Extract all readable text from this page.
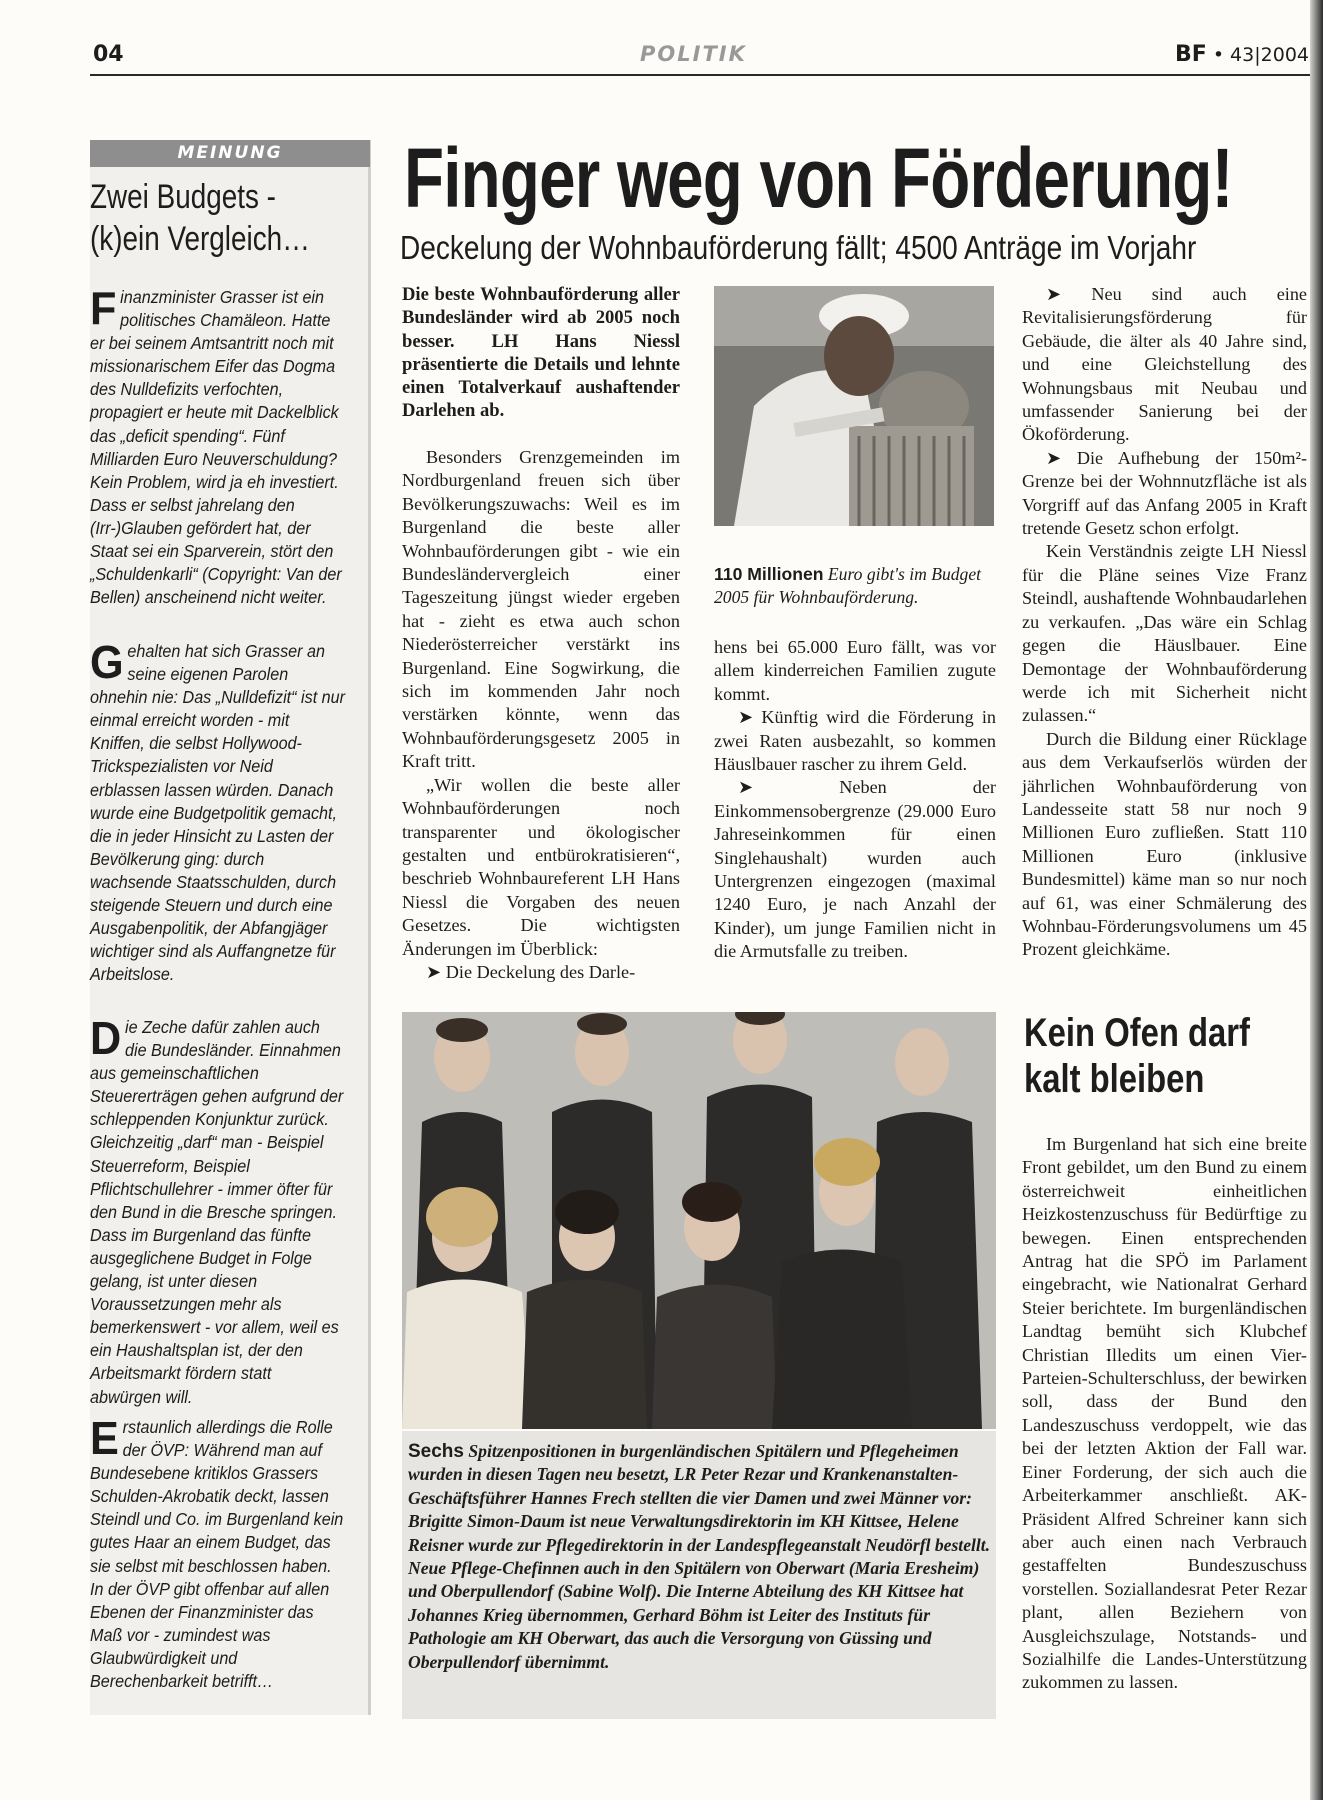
04	POLITIK	BF • 43|2004
MEINUNG
Zwei Budgets -
(k)ein Vergleich…
Finanzminister Grasser ist ein politisches Chamäleon. Hatte er bei seinem Amtsantritt noch mit missionarischem Eifer das Dogma des Nulldefizits verfochten, propagiert er heute mit Dackelblick das „deficit spending“. Fünf Milliarden Euro Neuverschuldung? Kein Problem, wird ja eh investiert. Dass er selbst jahrelang den (Irr-)Glauben gefördert hat, der Staat sei ein Sparverein, stört den „Schuldenkarli“ (Copyright: Van der Bellen) anscheinend nicht weiter.
Gehalten hat sich Grasser an seine eigenen Parolen ohnehin nie: Das „Nulldefizit“ ist nur einmal erreicht worden - mit Kniffen, die selbst Hollywood-Trickspezialisten vor Neid erblassen lassen würden. Danach wurde eine Budgetpolitik gemacht, die in jeder Hinsicht zu Lasten der Bevölkerung ging: durch wachsende Staatsschulden, durch steigende Steuern und durch eine Ausgabenpolitik, der Abfangjäger wichtiger sind als Auffangnetze für Arbeitslose.
Die Zeche dafür zahlen auch die Bundesländer. Einnahmen aus gemeinschaftlichen Steuererträgen gehen aufgrund der schleppenden Konjunktur zurück. Gleichzeitig „darf“ man - Beispiel Steuerreform, Beispiel Pflichtschullehrer - immer öfter für den Bund in die Bresche springen. Dass im Burgenland das fünfte ausgeglichene Budget in Folge gelang, ist unter diesen Voraussetzungen mehr als bemerkenswert - vor allem, weil es ein Haushaltsplan ist, der den Arbeitsmarkt fördern statt abwürgen will.
Erstaunlich allerdings die Rolle der ÖVP: Während man auf Bundesebene kritiklos Grassers Schulden-Akrobatik deckt, lassen Steindl und Co. im Burgenland kein gutes Haar an einem Budget, das sie selbst mit beschlossen haben. In der ÖVP gibt offenbar auf allen Ebenen der Finanzminister das Maß vor - zumindest was Glaubwürdigkeit und Berechenbarkeit betrifft…
Finger weg von Förderung!
Deckelung der Wohnbauförderung fällt; 4500 Anträge im Vorjahr
Die beste Wohnbauförderung aller Bundesländer wird ab 2005 noch besser. LH Hans Niessl präsentierte die Details und lehnte einen Totalverkauf aushaftender Darlehen ab.

Besonders Grenzgemeinden im Nordburgenland freuen sich über Bevölkerungszuwachs: Weil es im Burgenland die beste aller Wohnbauförderungen gibt - wie ein Bundesländervergleich einer Tageszeitung jüngst wieder ergeben hat - zieht es etwa auch schon Niederösterreicher verstärkt ins Burgenland. Eine Sogwirkung, die sich im kommenden Jahr noch verstärken könnte, wenn das Wohnbauförderungsgesetz 2005 in Kraft tritt.

„Wir wollen die beste aller Wohnbauförderungen noch transparenter und ökologischer gestalten und entbürokratisieren“, beschrieb Wohnbaureferent LH Hans Niessl die Vorgaben des neuen Gesetzes. Die wichtigsten Änderungen im Überblick:

➤ Die Deckelung des Darle-

110 Millionen Euro gibt's im Budget 2005 für Wohnbauförderung.

hens bei 65.000 Euro fällt, was vor allem kinderreichen Familien zugute kommt.

➤ Künftig wird die Förderung in zwei Raten ausbezahlt, so kommen Häuslbauer rascher zu ihrem Geld.

➤ Neben der Einkommensobergrenze (29.000 Euro Jahreseinkommen für einen Singlehaushalt) wurden auch Untergrenzen eingezogen (maximal 1240 Euro, je nach Anzahl der Kinder), um junge Familien nicht in die Armutsfalle zu treiben.

➤ Neu sind auch eine Revitalisierungsförderung für Gebäude, die älter als 40 Jahre sind, und eine Gleichstellung des Wohnungsbaus mit Neubau und umfassender Sanierung bei der Ökoförderung.

➤ Die Aufhebung der 150m²-Grenze bei der Wohnnutzfläche ist als Vorgriff auf das Anfang 2005 in Kraft tretende Gesetz schon erfolgt.

Kein Verständnis zeigte LH Niessl für die Pläne seines Vize Franz Steindl, aushaftende Wohnbaudarlehen zu verkaufen. „Das wäre ein Schlag gegen die Häuslbauer. Eine Demontage der Wohnbauförderung werde ich mit Sicherheit nicht zulassen.“

Durch die Bildung einer Rücklage aus dem Verkaufserlös würden der jährlichen Wohnbauförderung von Landesseite statt 58 nur noch 9 Millionen Euro zufließen. Statt 110 Millionen Euro (inklusive Bundesmittel) käme man so nur noch auf 61, was einer Schmälerung des Wohnbau-Förderungsvolumens um 45 Prozent gleichkäme.

Sechs Spitzenpositionen in burgenländischen Spitälern und Pflegeheimen wurden in diesen Tagen neu besetzt, LR Peter Rezar und Krankenanstalten-Geschäftsführer Hannes Frech stellten die vier Damen und zwei Männer vor: Brigitte Simon-Daum ist neue Verwaltungsdirektorin im KH Kittsee, Helene Reisner wurde zur Pflegedirektorin in der Landespflegeanstalt Neudörfl bestellt. Neue Pflege-Chefinnen auch in den Spitälern von Oberwart (Maria Eresheim) und Oberpullendorf (Sabine Wolf). Die Interne Abteilung des KH Kittsee hat Johannes Krieg übernommen, Gerhard Böhm ist Leiter des Instituts für Pathologie am KH Oberwart, das auch die Versorgung von Güssing und Oberpullendorf übernimmt.
Kein Ofen darf
kalt bleiben

Im Burgenland hat sich eine breite Front gebildet, um den Bund zu einem österreichweit einheitlichen Heizkostenzuschuss für Bedürftige zu bewegen. Einen entsprechenden Antrag hat die SPÖ im Parlament eingebracht, wie Nationalrat Gerhard Steier berichtete. Im burgenländischen Landtag bemüht sich Klubchef Christian Illedits um einen Vier-Parteien-Schulterschluss, der bewirken soll, dass der Bund den Landeszuschuss verdoppelt, wie das bei der letzten Aktion der Fall war. Einer Forderung, der sich auch die Arbeiterkammer anschließt. AK-Präsident Alfred Schreiner kann sich aber auch einen nach Verbrauch gestaffelten Bundeszuschuss vorstellen. Soziallandesrat Peter Rezar plant, allen Beziehern von Ausgleichszulage, Notstands- und Sozialhilfe die Landes-Unterstützung zukommen zu lassen.
